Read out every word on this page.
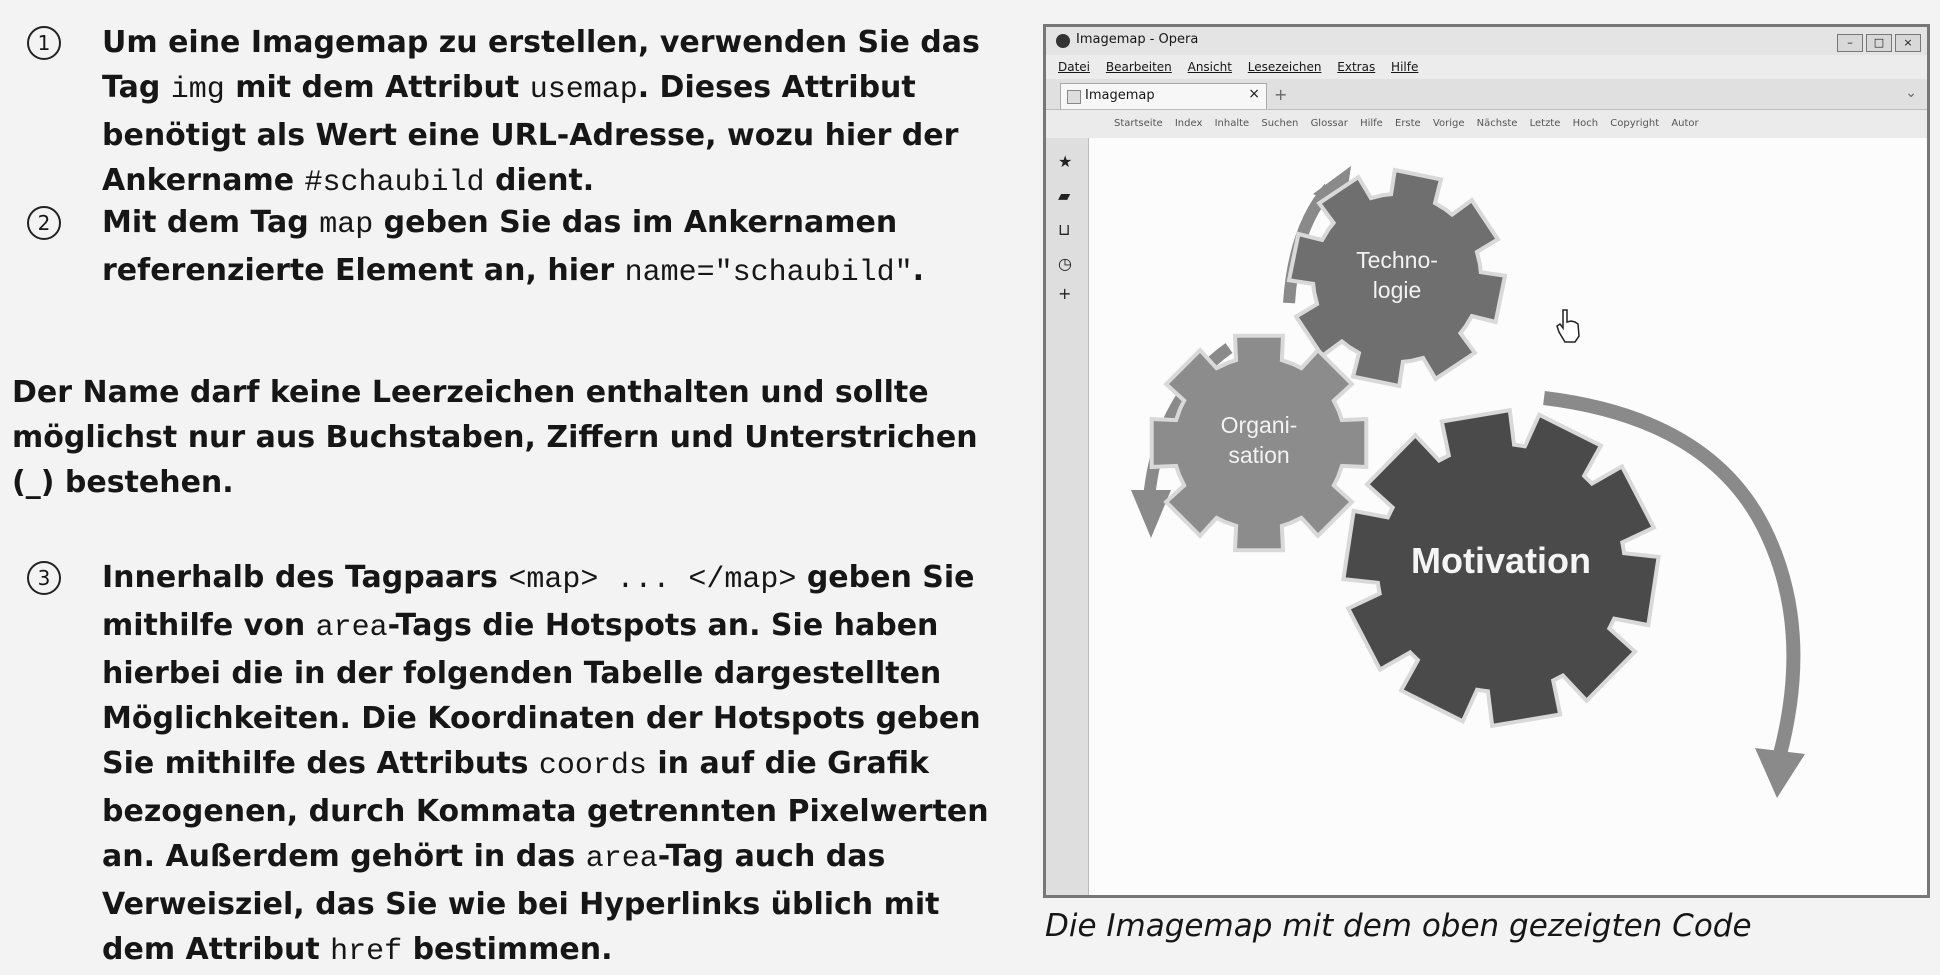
1	Um eine Imagemap zu erstellen, verwenden Sie das Tag img mit dem Attribut usemap. Dieses Attribut benötigt als Wert eine URL-Adresse, wozu hier der Ankername #schaubild dient.
2	Mit dem Tag map geben Sie das im Ankernamen referenzierte Element an, hier name="schaubild".
Der Name darf keine Leerzeichen enthalten und sollte möglichst nur aus Buchstaben, Ziffern und Unterstrichen (_) bestehen.
3	Innerhalb des Tagpaars <map> ... </map> geben Sie mithilfe von area-Tags die Hotspots an. Sie haben hierbei die in der folgenden Tabelle dargestellten Möglichkeiten. Die Koordinaten der Hotspots geben Sie mithilfe des Attributs coords in auf die Grafik bezogenen, durch Kommata getrennten Pixelwerten an. Außerdem gehört in das area-Tag auch das Verweisziel, das Sie wie bei Hyperlinks üblich mit dem Attribut href bestimmen.
Imagemap - Opera	– □ ×
Datei Bearbeiten Ansicht Lesezeichen Extras Hilfe
Imagemap	× +	⌄
Startseite Index Inhalte Suchen Glossar Hilfe Erste Vorige Nächste Letzte Hoch Copyright Autor
★
▰
⊔
◷
+
Techno-
logie
Organi-
sation
Motivation
Die Imagemap mit dem oben gezeigten Code
